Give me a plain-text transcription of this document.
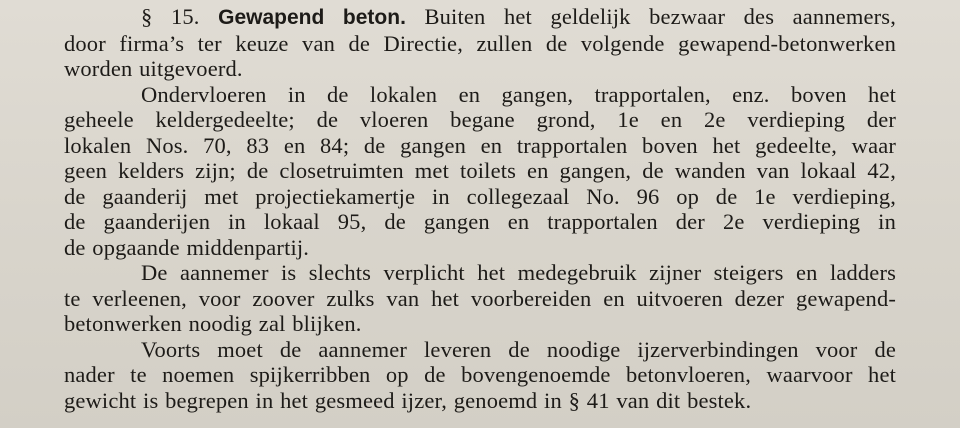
§ 15. Gewapend beton. Buiten het geldelijk bezwaar des aannemers,
door firma’s ter keuze van de Directie, zullen de volgende gewapend-betonwerken
worden uitgevoerd.

Ondervloeren in de lokalen en gangen, trapportalen, enz. boven het
geheele keldergedeelte; de vloeren begane grond, 1e en 2e verdieping der
lokalen Nos. 70, 83 en 84; de gangen en trapportalen boven het gedeelte, waar
geen kelders zijn; de closetruimten met toilets en gangen, de wanden van lokaal 42,
de gaanderij met projectiekamertje in collegezaal No. 96 op de 1e verdieping,
de gaanderijen in lokaal 95, de gangen en trapportalen der 2e verdieping in
de opgaande middenpartij.

De aannemer is slechts verplicht het medegebruik zijner steigers en ladders
te verleenen, voor zoover zulks van het voorbereiden en uitvoeren dezer gewapend-
betonwerken noodig zal blijken.

Voorts moet de aannemer leveren de noodige ijzerverbindingen voor de
nader te noemen spijkerribben op de bovengenoemde betonvloeren, waarvoor het
gewicht is begrepen in het gesmeed ijzer, genoemd in § 41 van dit bestek.
